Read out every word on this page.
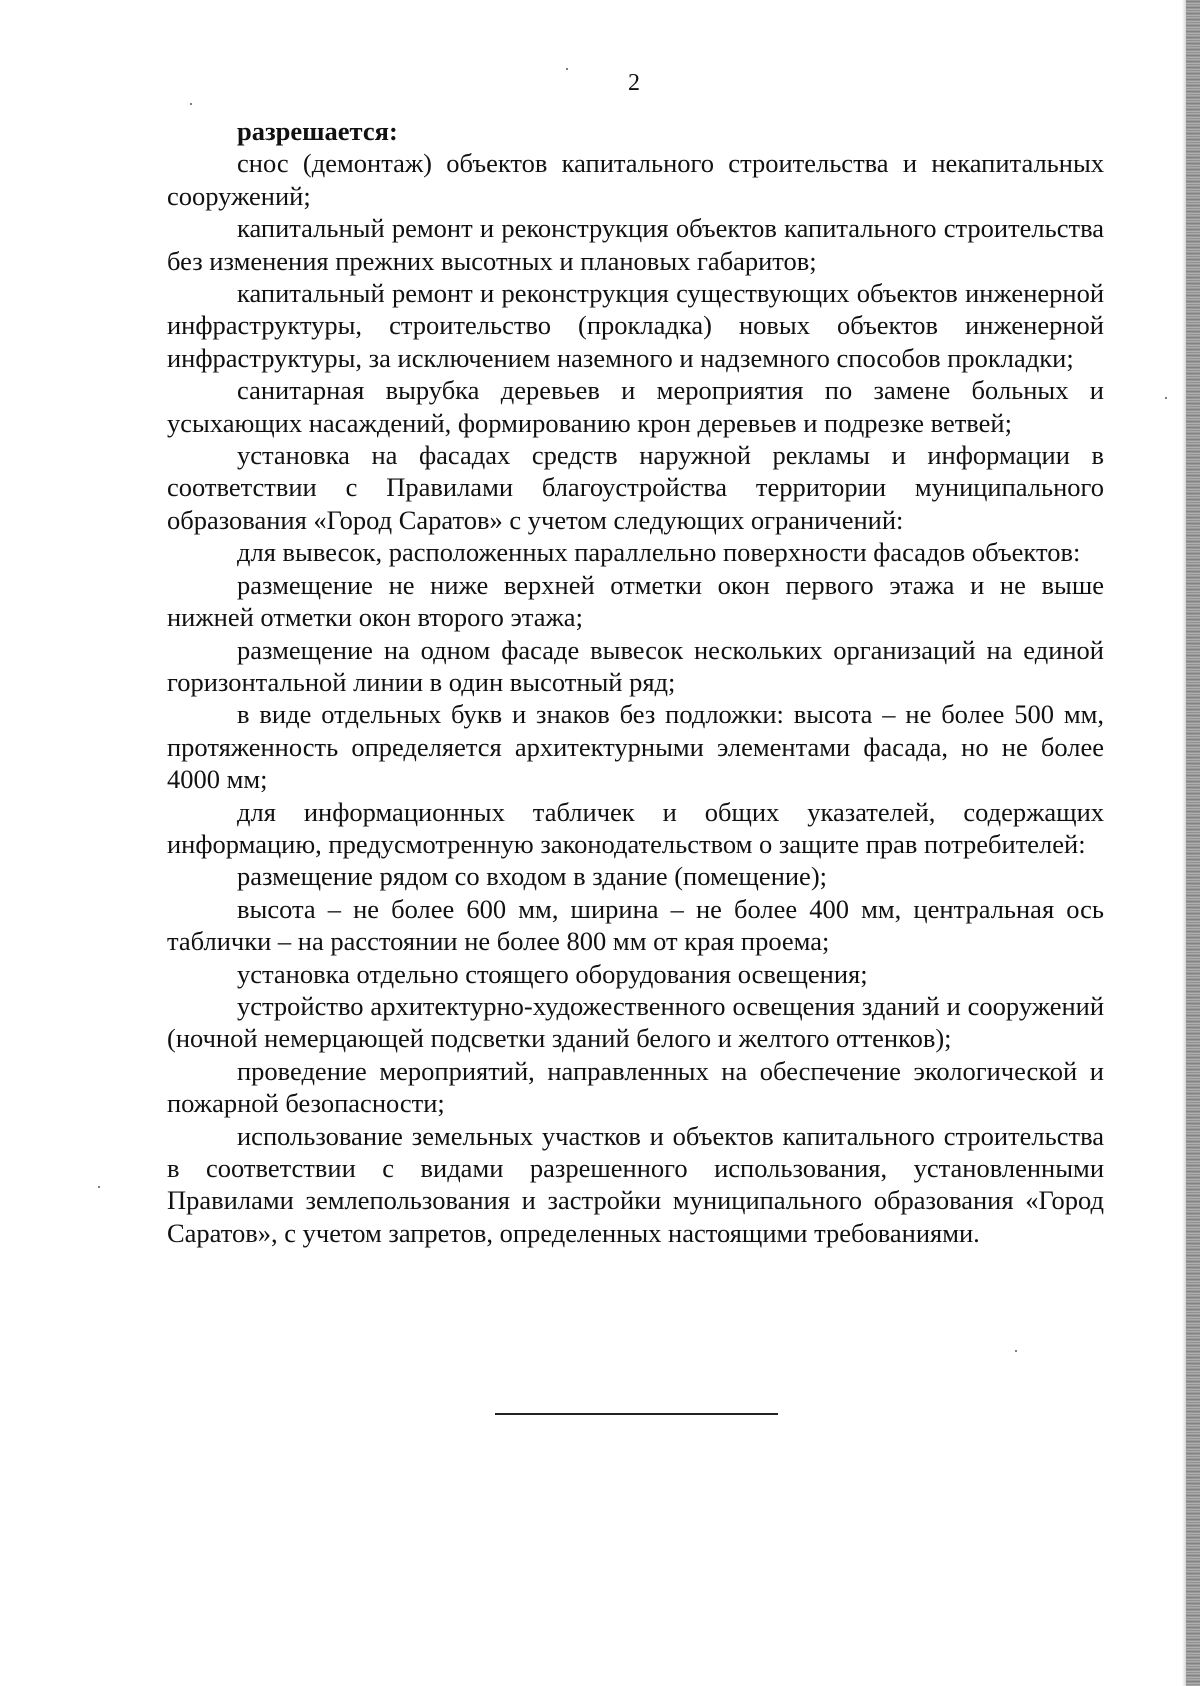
2

разрешается:

снос (демонтаж) объектов капитального строительства и некапитальных сооружений;

капитальный ремонт и реконструкция объектов капитального строительства без изменения прежних высотных и плановых габаритов;

капитальный ремонт и реконструкция существующих объектов инженерной инфраструктуры, строительство (прокладка) новых объектов инженерной инфраструктуры, за исключением наземного и надземного способов прокладки;

санитарная вырубка деревьев и мероприятия по замене больных и усыхающих насаждений, формированию крон деревьев и подрезке ветвей;

установка на фасадах средств наружной рекламы и информации в соответствии с Правилами благоустройства территории муниципального образования «Город Саратов» с учетом следующих ограничений:

для вывесок, расположенных параллельно поверхности фасадов объектов:

размещение не ниже верхней отметки окон первого этажа и не выше нижней отметки окон второго этажа;

размещение на одном фасаде вывесок нескольких организаций на единой горизонтальной линии в один высотный ряд;

в виде отдельных букв и знаков без подложки: высота – не более 500 мм, протяженность определяется архитектурными элементами фасада, но не более 4000 мм;

для информационных табличек и общих указателей, содержащих информацию, предусмотренную законодательством о защите прав потребителей:

размещение рядом со входом в здание (помещение);

высота – не более 600 мм, ширина – не более 400 мм, центральная ось таблички – на расстоянии не более 800 мм от края проема;

установка отдельно стоящего оборудования освещения;

устройство архитектурно-художественного освещения зданий и сооружений (ночной немерцающей подсветки зданий белого и желтого оттенков);

проведение мероприятий, направленных на обеспечение экологической и пожарной безопасности;

использование земельных участков и объектов капитального строительства в соответствии с видами разрешенного использования, установленными Правилами землепользования и застройки муниципального образования «Город Саратов», с учетом запретов, определенных настоящими требованиями.
